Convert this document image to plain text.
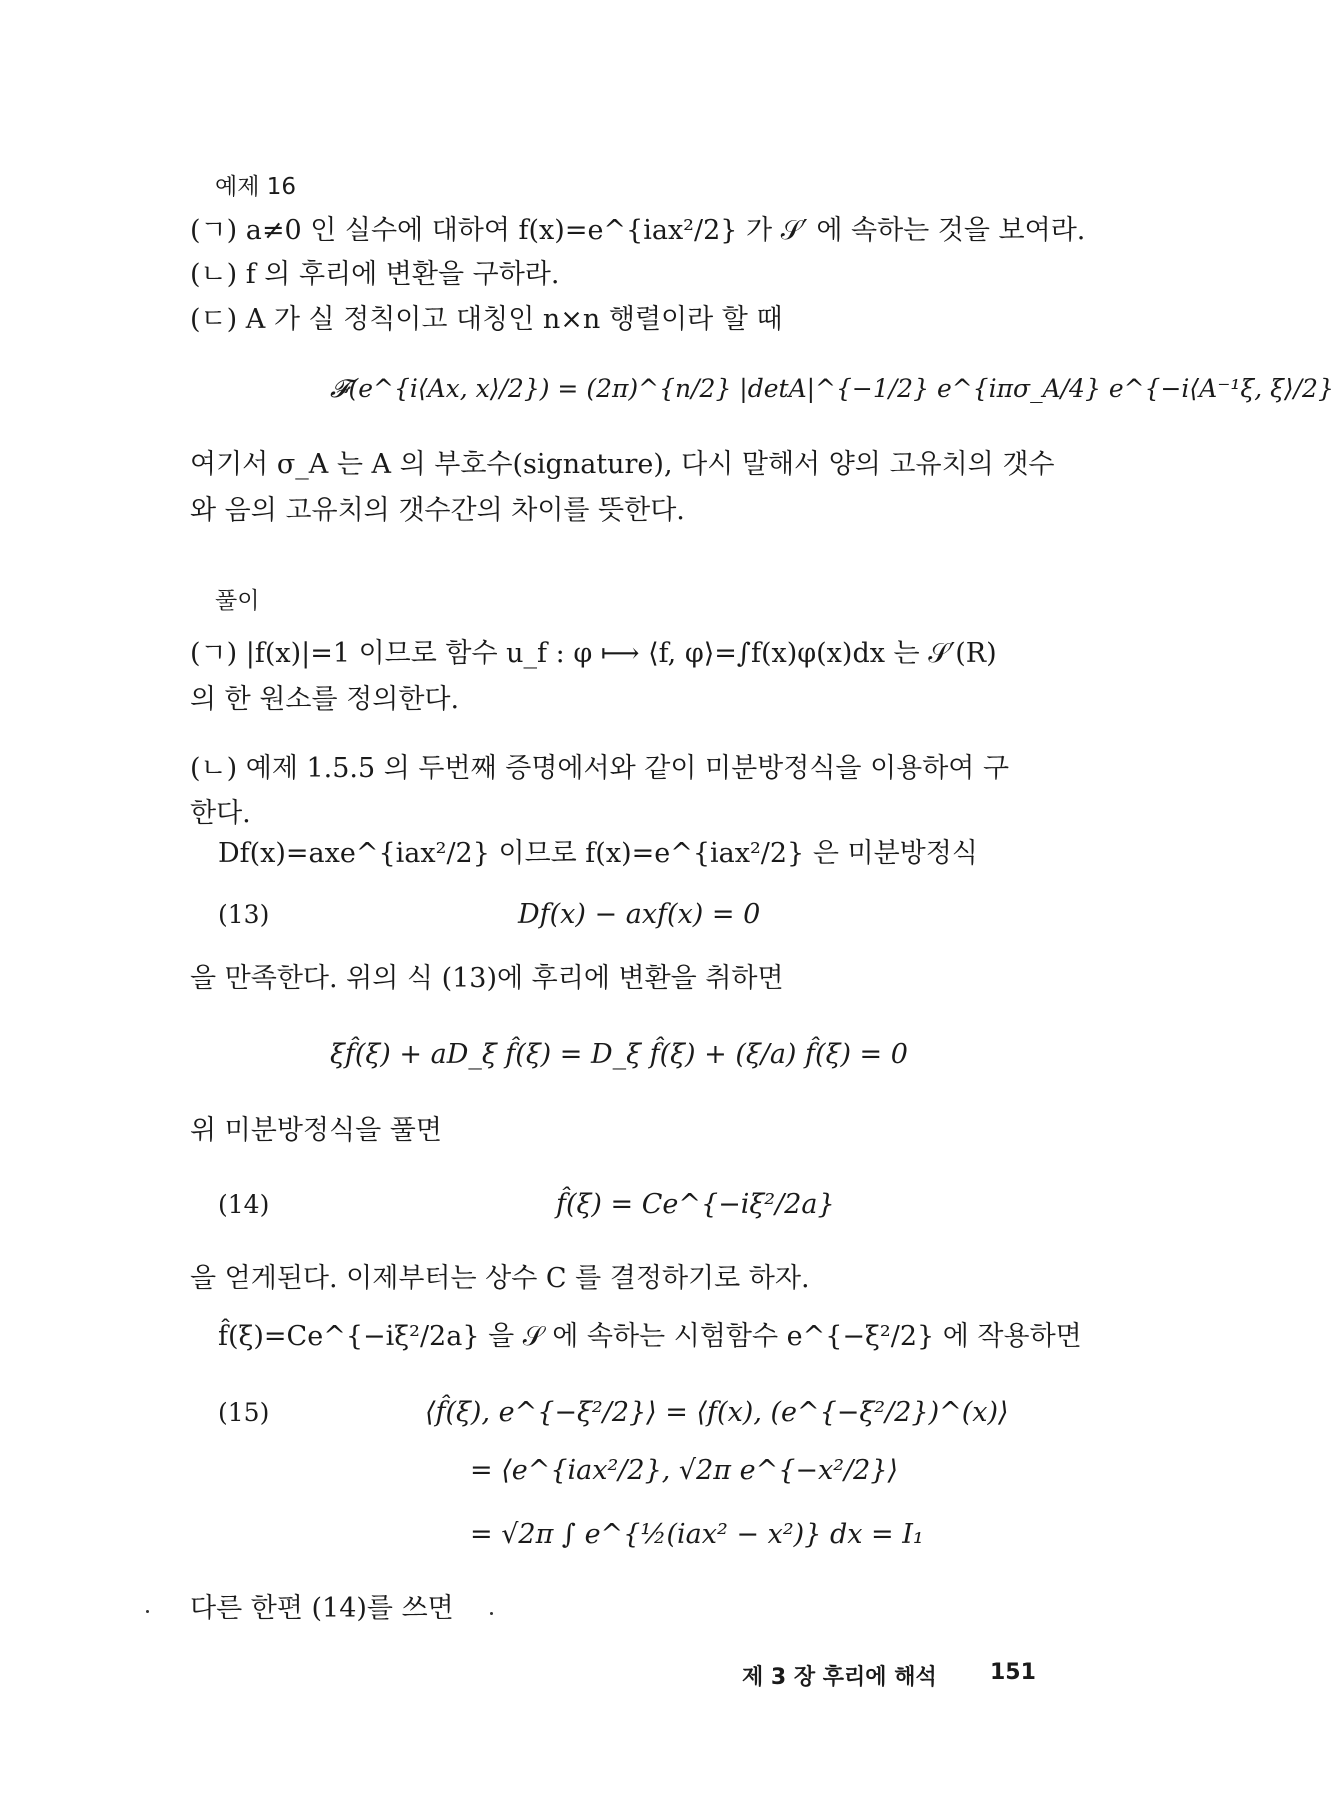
예제 16
(ㄱ) a≠0 인 실수에 대하여 f(x)=e^{iax²/2} 가 𝒮′ 에 속하는 것을 보여라.
(ㄴ) f 의 후리에 변환을 구하라.
(ㄷ) A 가 실 정칙이고 대칭인 n×n 행렬이라 할 때
𝓕(e^{i⟨Ax, x⟩/2}) = (2π)^{n/2} |detA|^{−1/2} e^{iπσ_A/4} e^{−i⟨A⁻¹ξ, ξ⟩/2}
여기서 σ_A 는 A 의 부호수(signature), 다시 말해서 양의 고유치의 갯수
와 음의 고유치의 갯수간의 차이를 뜻한다.
풀이
(ㄱ) |f(x)|=1 이므로 함수 u_f : φ ⟼ ⟨f, φ⟩=∫f(x)φ(x)dx 는 𝒮′(R)
의 한 원소를 정의한다.
(ㄴ) 예제 1.5.5 의 두번째 증명에서와 같이 미분방정식을 이용하여 구
한다.
Df(x)=axe^{iax²/2} 이므로 f(x)=e^{iax²/2} 은 미분방정식
(13)	Df(x) − axf(x) = 0
을 만족한다. 위의 식 (13)에 후리에 변환을 취하면
ξf̂(ξ) + aD_ξ f̂(ξ) = D_ξ f̂(ξ) + (ξ/a) f̂(ξ) = 0
위 미분방정식을 풀면
(14)	f̂(ξ) = Ce^{−iξ²/2a}
을 얻게된다. 이제부터는 상수 C 를 결정하기로 하자.
f̂(ξ)=Ce^{−iξ²/2a} 을 𝒮 에 속하는 시험함수 e^{−ξ²/2} 에 작용하면
(15)	⟨f̂(ξ), e^{−ξ²/2}⟩ = ⟨f(x), (e^{−ξ²/2})^(x)⟩
= ⟨e^{iax²/2}, √2π e^{−x²/2}⟩
= √2π ∫ e^{½(iax² − x²)} dx = I₁
다른 한편 (14)를 쓰면
제 3 장 후리에 해석 151
